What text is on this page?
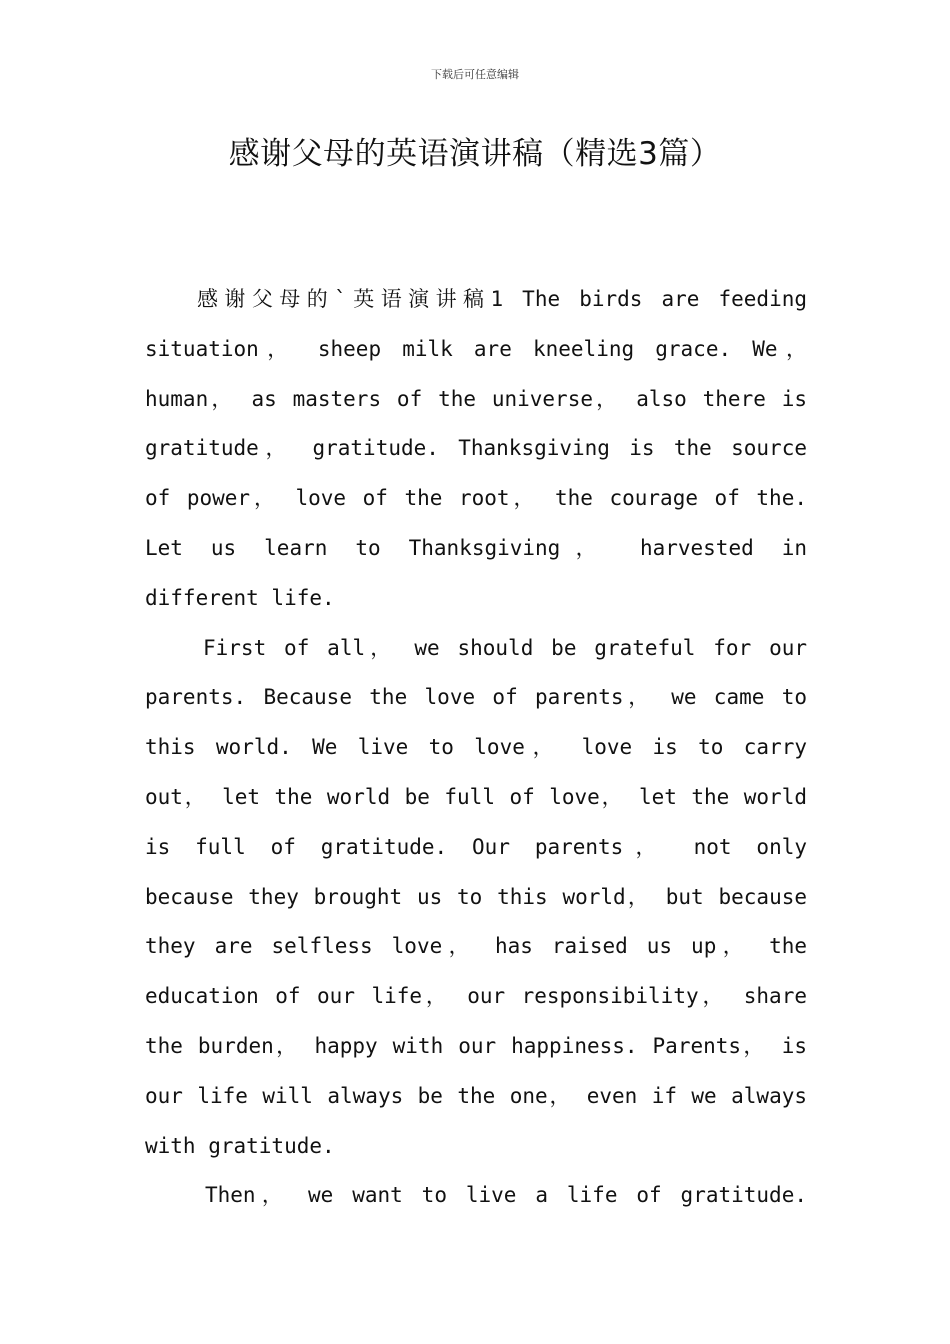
下载后可任意编辑
感谢父母的英语演讲稿（精选3篇）
感谢父母的`英语演讲稿1 The birds are feeding
situation， sheep milk are kneeling grace. We，
human， as masters of the universe， also there is
gratitude， gratitude. Thanksgiving is the source
of power， love of the root， the courage of the.
Let us learn to Thanksgiving， harvested in
different life.
First of all， we should be grateful for our
parents. Because the love of parents， we came to
this world. We live to love， love is to carry
out， let the world be full of love， let the world
is full of gratitude. Our parents， not only
because they brought us to this world， but because
they are selfless love， has raised us up， the
education of our life， our responsibility， share
the burden， happy with our happiness. Parents， is
our life will always be the one， even if we always
with gratitude.
Then， we want to live a life of gratitude.
